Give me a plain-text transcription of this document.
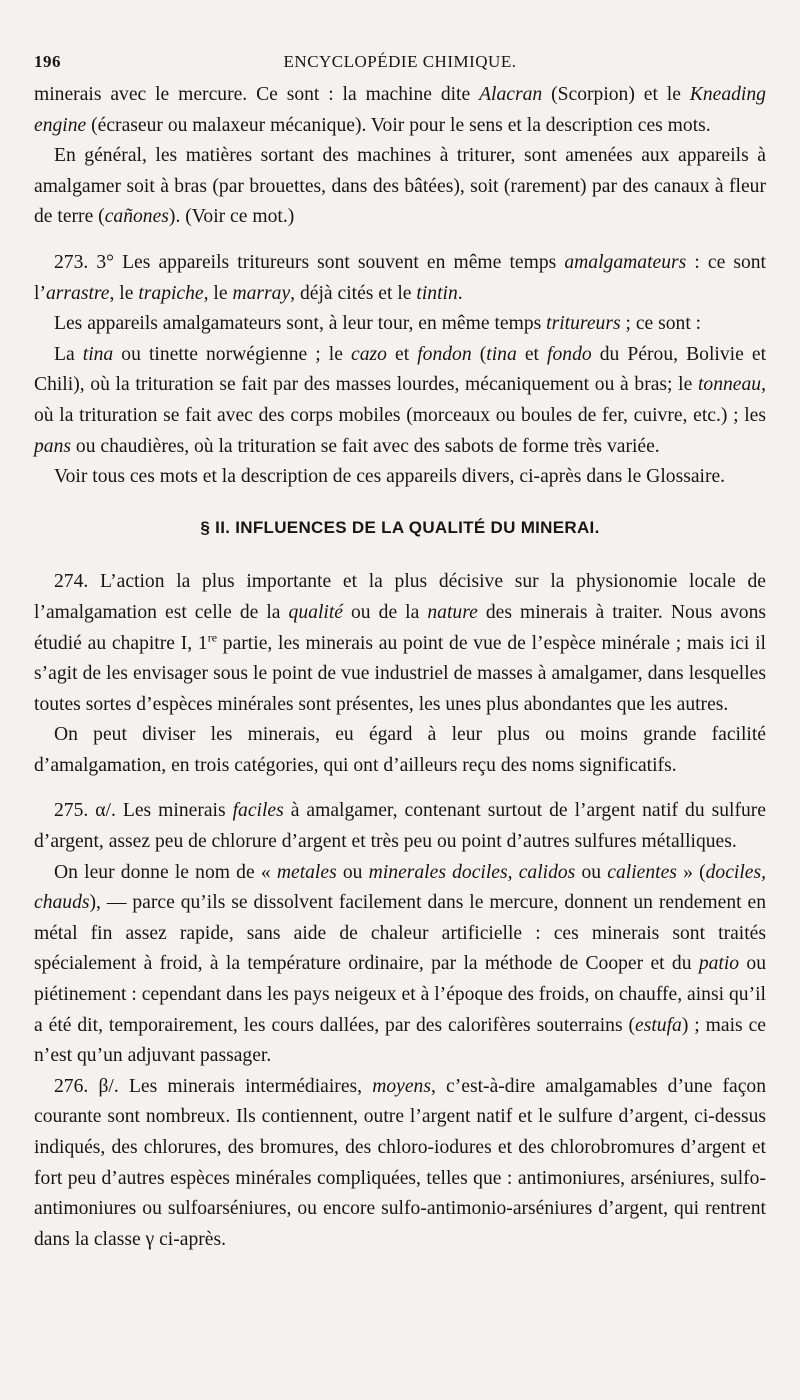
196	ENCYCLOPÉDIE CHIMIQUE.

minerais avec le mercure. Ce sont : la machine dite Alacran (Scorpion) et le Kneading engine (écraseur ou malaxeur mécanique). Voir pour le sens et la description ces mots.

En général, les matières sortant des machines à triturer, sont amenées aux appareils à amalgamer soit à bras (par brouettes, dans des bâtées), soit (rarement) par des canaux à fleur de terre (cañones). (Voir ce mot.)

273. 3° Les appareils tritureurs sont souvent en même temps amalgamateurs : ce sont l’arrastre, le trapiche, le marray, déjà cités et le tintin.

Les appareils amalgamateurs sont, à leur tour, en même temps tritureurs ; ce sont :

La tina ou tinette norwégienne ; le cazo et fondon (tina et fondo du Pérou, Bolivie et Chili), où la trituration se fait par des masses lourdes, mécaniquement ou à bras; le tonneau, où la trituration se fait avec des corps mobiles (morceaux ou boules de fer, cuivre, etc.) ; les pans ou chaudières, où la trituration se fait avec des sabots de forme très variée.

Voir tous ces mots et la description de ces appareils divers, ci-après dans le Glossaire.

§ II. INFLUENCES DE LA QUALITÉ DU MINERAI.

274. L’action la plus importante et la plus décisive sur la physionomie locale de l’amalgamation est celle de la qualité ou de la nature des minerais à traiter. Nous avons étudié au chapitre I, 1re partie, les minerais au point de vue de l’espèce minérale ; mais ici il s’agit de les envisager sous le point de vue industriel de masses à amalgamer, dans lesquelles toutes sortes d’espèces minérales sont présentes, les unes plus abondantes que les autres.

On peut diviser les minerais, eu égard à leur plus ou moins grande facilité d’amalgamation, en trois catégories, qui ont d’ailleurs reçu des noms significatifs.

275. α/. Les minerais faciles à amalgamer, contenant surtout de l’argent natif du sulfure d’argent, assez peu de chlorure d’argent et très peu ou point d’autres sulfures métalliques.

On leur donne le nom de « metales ou minerales dociles, calidos ou calientes » (dociles, chauds), — parce qu’ils se dissolvent facilement dans le mercure, donnent un rendement en métal fin assez rapide, sans aide de chaleur artificielle : ces minerais sont traités spécialement à froid, à la température ordinaire, par la méthode de Cooper et du patio ou piétinement : cependant dans les pays neigeux et à l’époque des froids, on chauffe, ainsi qu’il a été dit, temporairement, les cours dallées, par des calorifères souterrains (estufa) ; mais ce n’est qu’un adjuvant passager.

276. β/. Les minerais intermédiaires, moyens, c’est-à-dire amalgamables d’une façon courante sont nombreux. Ils contiennent, outre l’argent natif et le sulfure d’argent, ci-dessus indiqués, des chlorures, des bromures, des chloro-iodures et des chlorobromures d’argent et fort peu d’autres espèces minérales compliquées, telles que : antimoniures, arséniures, sulfo-antimoniures ou sulfoarséniures, ou encore sulfo-antimonio-arséniures d’argent, qui rentrent dans la classe γ ci-après.
